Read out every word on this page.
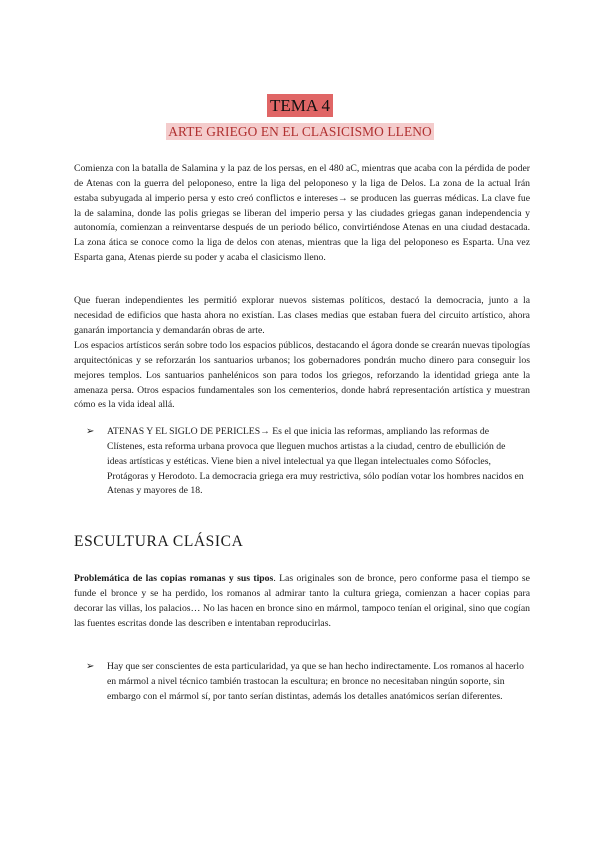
TEMA 4
ARTE GRIEGO EN EL CLASICISMO LLENO

Comienza con la batalla de Salamina y la paz de los persas, en el 480 aC, mientras que acaba con la pérdida de poder de Atenas con la guerra del peloponeso, entre la liga del peloponeso y la liga de Delos. La zona de la actual Irán estaba subyugada al imperio persa y esto creó conflictos e intereses→ se producen las guerras médicas. La clave fue la de salamina, donde las polis griegas se liberan del imperio persa y las ciudades griegas ganan independencia y autonomía, comienzan a reinventarse después de un periodo bélico, convirtiéndose Atenas en una ciudad destacada. La zona ática se conoce como la liga de delos con atenas, mientras que la liga del peloponeso es Esparta. Una vez Esparta gana, Atenas pierde su poder y acaba el clasicismo lleno.

Que fueran independientes les permitió explorar nuevos sistemas políticos, destacó la democracia, junto a la necesidad de edificios que hasta ahora no existían. Las clases medias que estaban fuera del circuito artístico, ahora ganarán importancia y demandarán obras de arte.

Los espacios artísticos serán sobre todo los espacios públicos, destacando el ágora donde se crearán nuevas tipologías arquitectónicas y se reforzarán los santuarios urbanos; los gobernadores pondrán mucho dinero para conseguir los mejores templos. Los santuarios panhelénicos son para todos los griegos, reforzando la identidad griega ante la amenaza persa. Otros espacios fundamentales son los cementerios, donde habrá representación artística y muestran cómo es la vida ideal allá.

➢ ATENAS Y EL SIGLO DE PERICLES→ Es el que inicia las reformas, ampliando las reformas de Clístenes, esta reforma urbana provoca que lleguen muchos artistas a la ciudad, centro de ebullición de ideas artísticas y estéticas. Viene bien a nivel intelectual ya que llegan intelectuales como Sófocles, Protágoras y Herodoto. La democracia griega era muy restrictiva, sólo podían votar los hombres nacidos en Atenas y mayores de 18.

ESCULTURA CLÁSICA

Problemática de las copias romanas y sus tipos. Las originales son de bronce, pero conforme pasa el tiempo se funde el bronce y se ha perdido, los romanos al admirar tanto la cultura griega, comienzan a hacer copias para decorar las villas, los palacios… No las hacen en bronce sino en mármol, tampoco tenían el original, sino que cogían las fuentes escritas donde las describen e intentaban reproducirlas.

➢ Hay que ser conscientes de esta particularidad, ya que se han hecho indirectamente. Los romanos al hacerlo en mármol a nivel técnico también trastocan la escultura; en bronce no necesitaban ningún soporte, sin embargo con el mármol sí, por tanto serían distintas, además los detalles anatómicos serían diferentes.
